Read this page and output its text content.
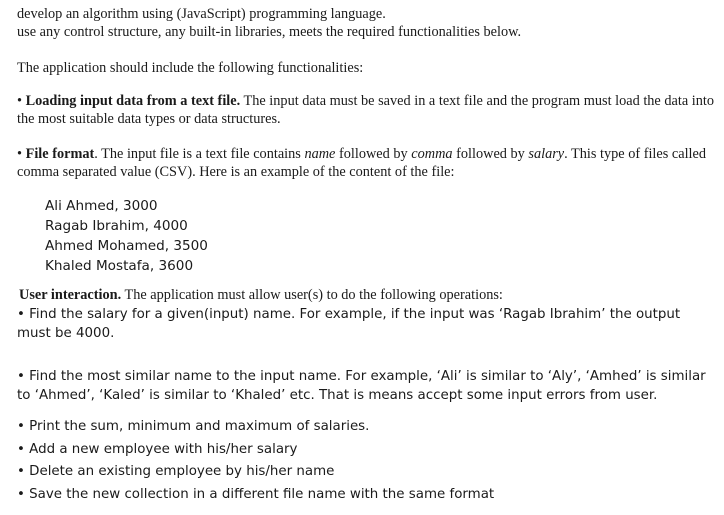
develop an algorithm using (JavaScript) programming language.
use any control structure, any built-in libraries, meets the required functionalities below.
The application should include the following functionalities:
• Loading input data from a text file. The input data must be saved in a text file and the program must load the data into the most suitable data types or data structures.
• File format. The input file is a text file contains name followed by comma followed by salary. This type of files called comma separated value (CSV). Here is an example of the content of the file:
Ali Ahmed, 3000
Ragab Ibrahim, 4000
Ahmed Mohamed, 3500
Khaled Mostafa, 3600
User interaction. The application must allow user(s) to do the following operations:
• Find the salary for a given(input) name. For example, if the input was ‘Ragab Ibrahim’ the output must be 4000.
• Find the most similar name to the input name. For example, ‘Ali’ is similar to ‘Aly’, ‘Amhed’ is similar to ‘Ahmed’, ‘Kaled’ is similar to ‘Khaled’ etc. That is means accept some input errors from user.
• Print the sum, minimum and maximum of salaries.
• Add a new employee with his/her salary
• Delete an existing employee by his/her name
• Save the new collection in a different file name with the same format
